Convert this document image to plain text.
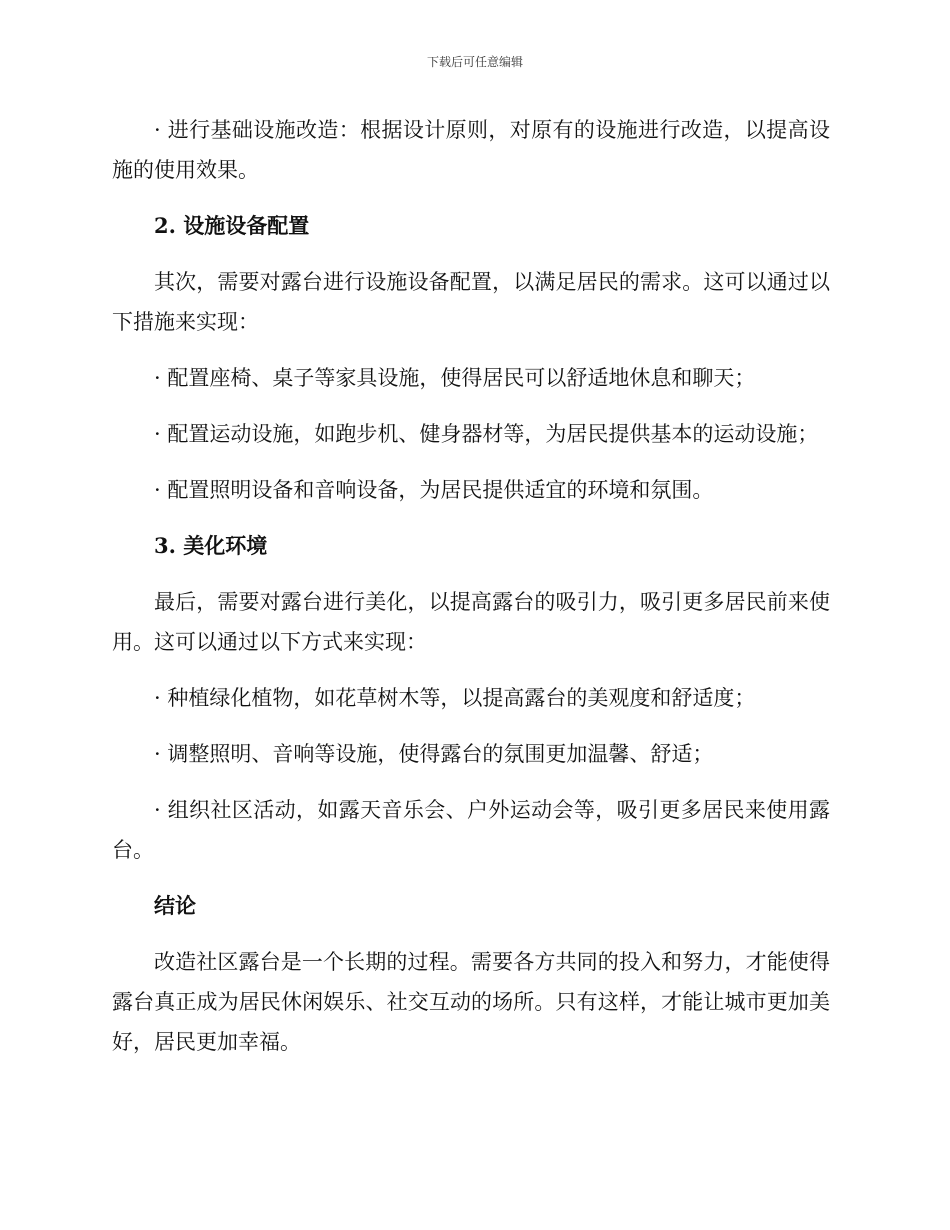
下载后可任意编辑

· 进行基础设施改造：根据设计原则，对原有的设施进行改造，以提高设施的使用效果。

2. 设施设备配置

其次，需要对露台进行设施设备配置，以满足居民的需求。这可以通过以下措施来实现：

· 配置座椅、桌子等家具设施，使得居民可以舒适地休息和聊天；

· 配置运动设施，如跑步机、健身器材等，为居民提供基本的运动设施；

· 配置照明设备和音响设备，为居民提供适宜的环境和氛围。

3. 美化环境

最后，需要对露台进行美化，以提高露台的吸引力，吸引更多居民前来使用。这可以通过以下方式来实现：

· 种植绿化植物，如花草树木等，以提高露台的美观度和舒适度；

· 调整照明、音响等设施，使得露台的氛围更加温馨、舒适；

· 组织社区活动，如露天音乐会、户外运动会等，吸引更多居民来使用露台。

结论

改造社区露台是一个长期的过程。需要各方共同的投入和努力，才能使得露台真正成为居民休闲娱乐、社交互动的场所。只有这样，才能让城市更加美好，居民更加幸福。
